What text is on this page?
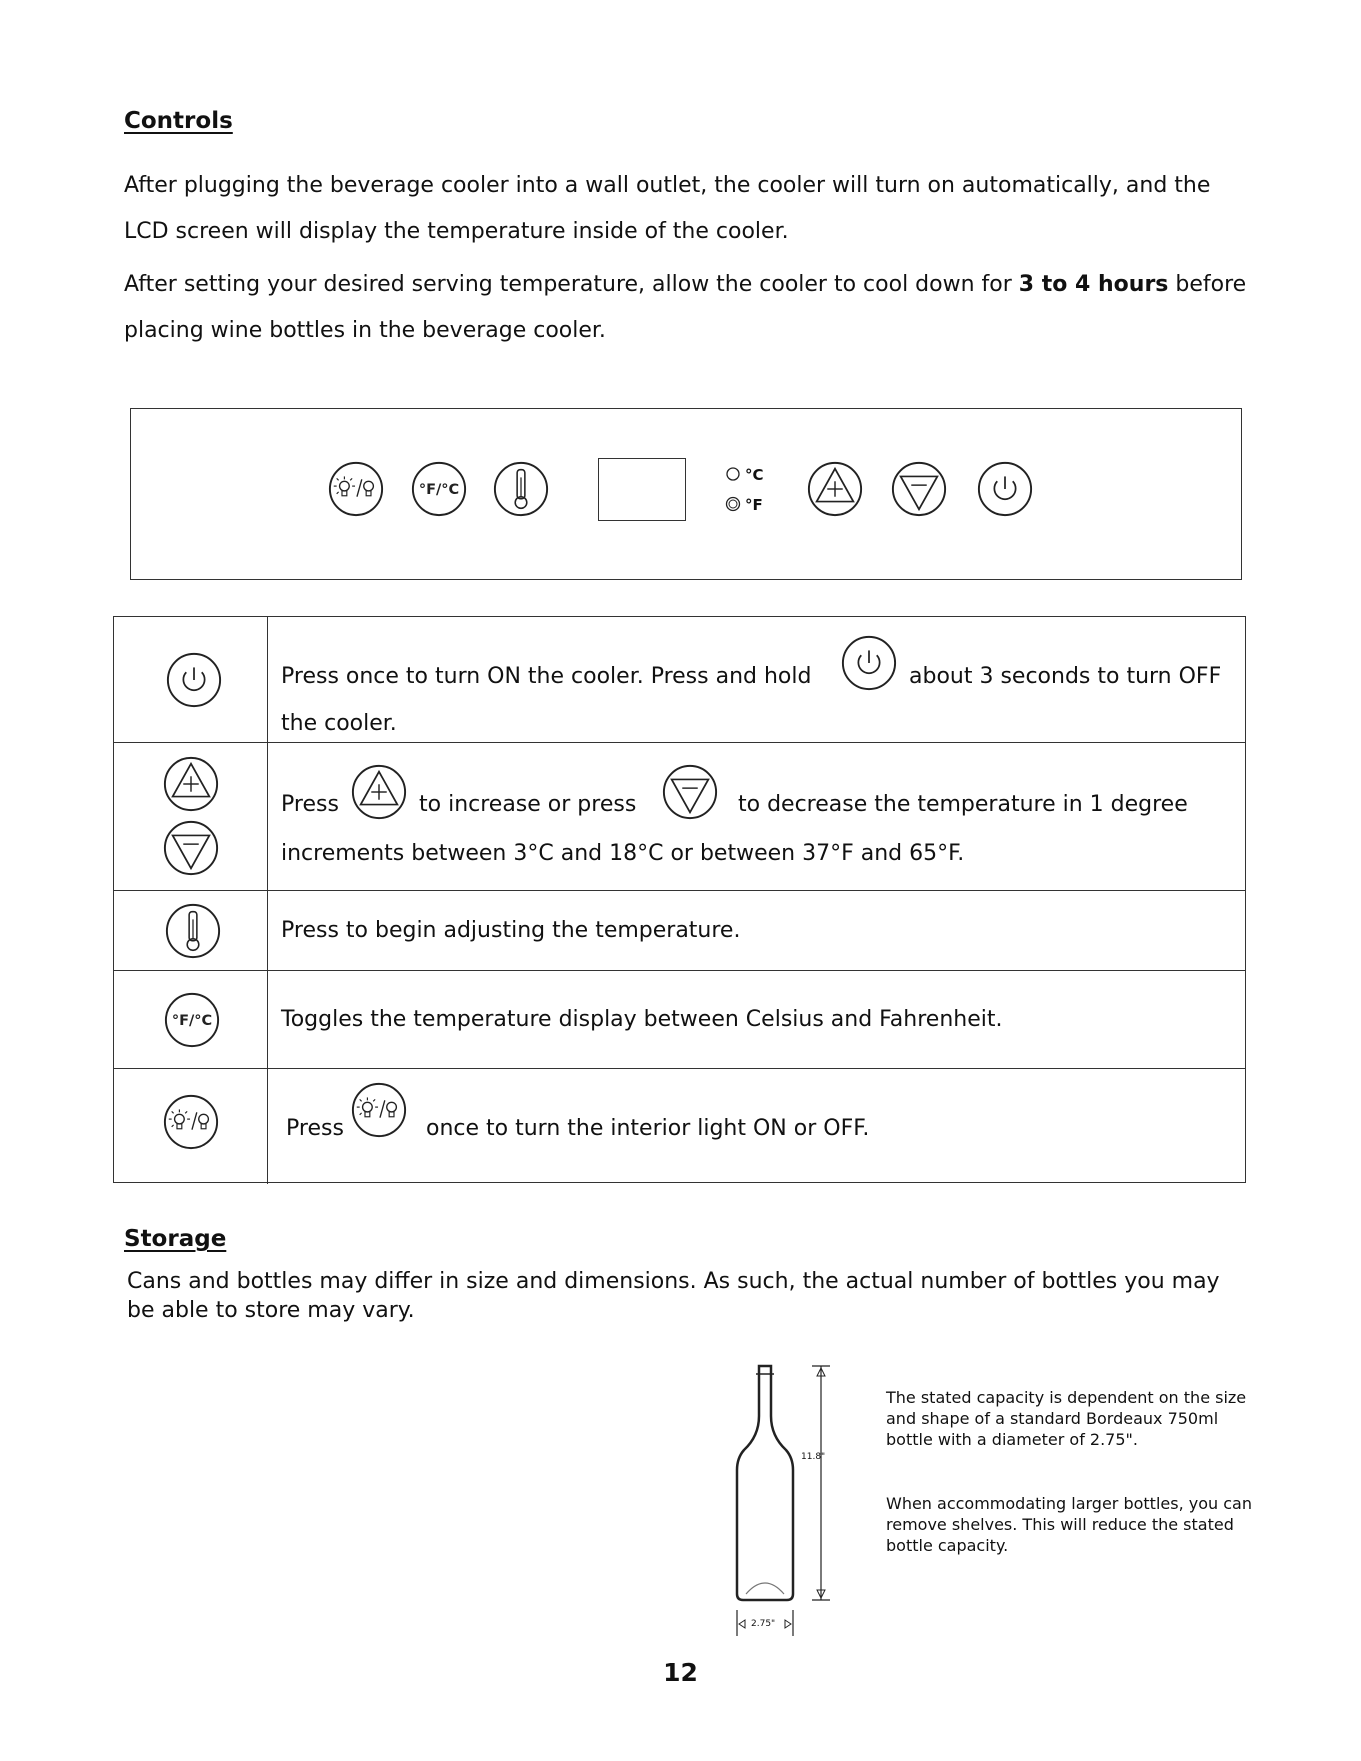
Controls

After plugging the beverage cooler into a wall outlet, the cooler will turn on automatically, and the LCD screen will display the temperature inside of the cooler.

After setting your desired serving temperature, allow the cooler to cool down for 3 to 4 hours before placing wine bottles in the beverage cooler.

°C
°F
Press once to turn ON the cooler. Press and hold	about 3 seconds to turn OFF
the cooler.
Press	to increase or press	to decrease the temperature in 1 degree
increments between 3°C and 18°C or between 37°F and 65°F.
Press to begin adjusting the temperature.
Toggles the temperature display between Celsius and Fahrenheit.
Press	once to turn the interior light ON or OFF.
Storage

Cans and bottles may differ in size and dimensions. As such, the actual number of bottles you may be able to store may vary.

11.8"
2.75"

The stated capacity is dependent on the size and shape of a standard Bordeaux 750ml bottle with a diameter of 2.75".

When accommodating larger bottles, you can remove shelves. This will reduce the stated bottle capacity.

12
